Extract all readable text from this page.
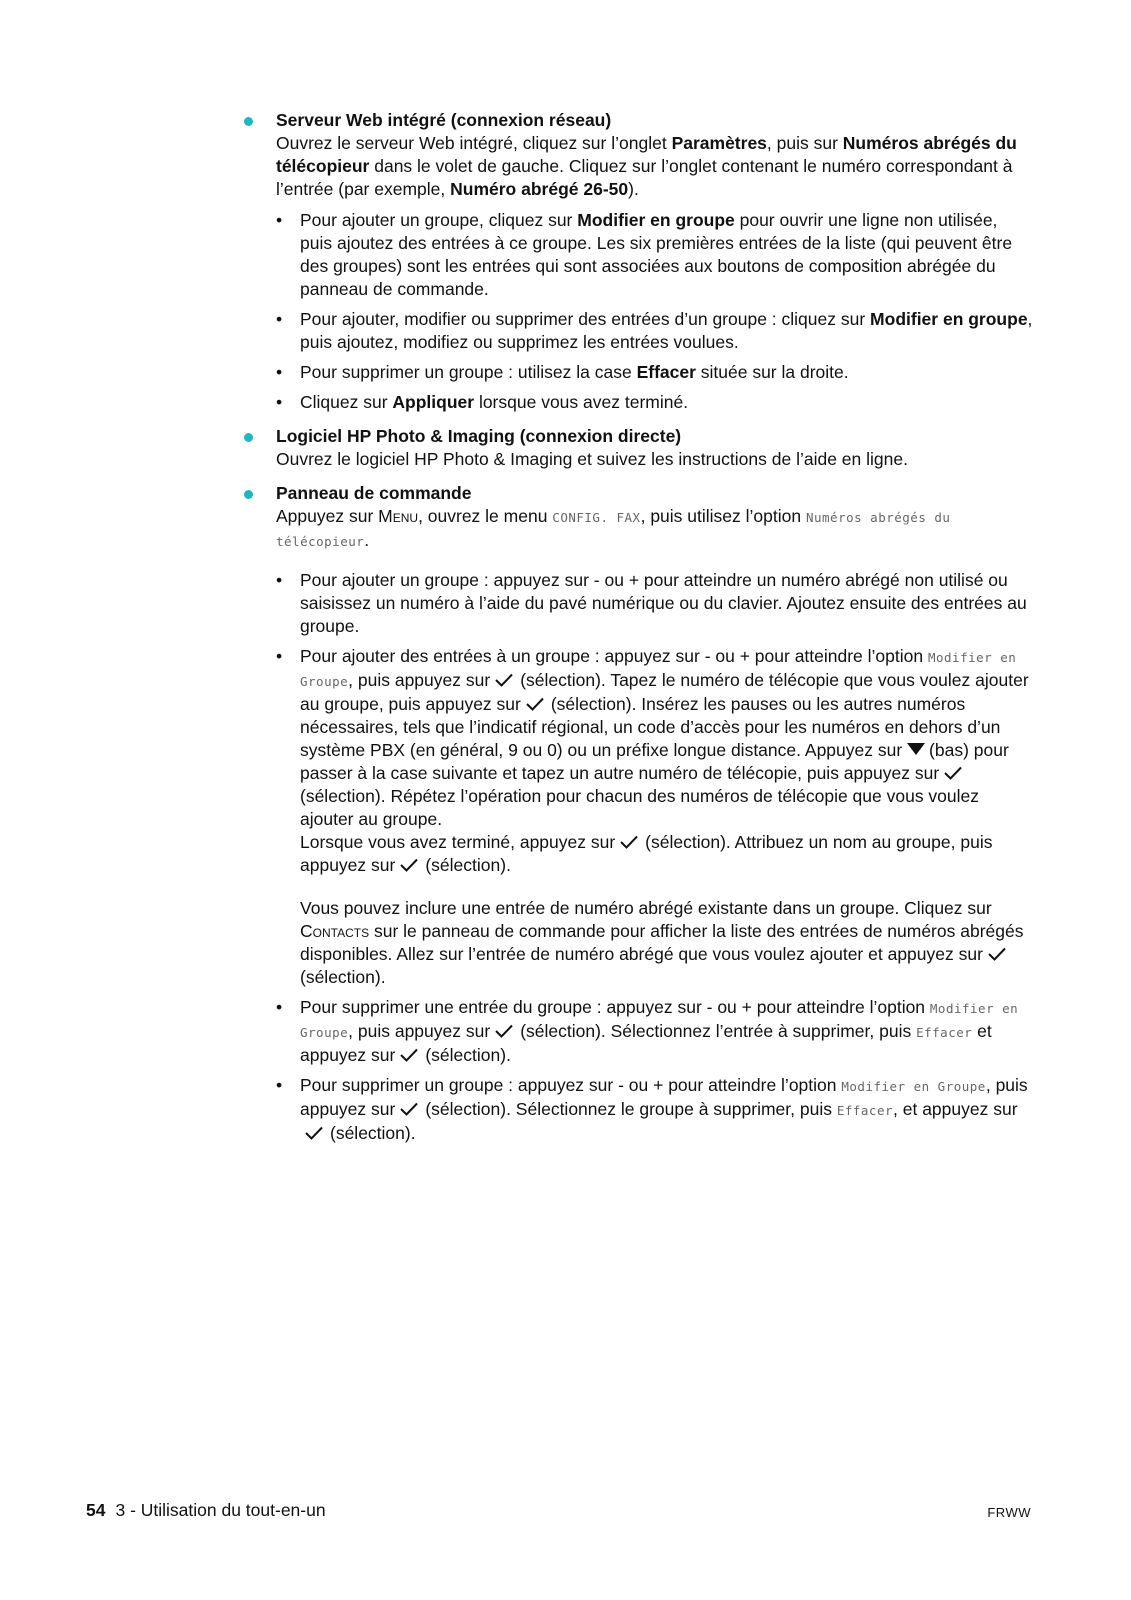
Serveur Web intégré (connexion réseau)
Ouvrez le serveur Web intégré, cliquez sur l’onglet Paramètres, puis sur Numéros abrégés du télécopieur dans le volet de gauche. Cliquez sur l’onglet contenant le numéro correspondant à l’entrée (par exemple, Numéro abrégé 26-50).
• Pour ajouter un groupe, cliquez sur Modifier en groupe pour ouvrir une ligne non utilisée, puis ajoutez des entrées à ce groupe. Les six premières entrées de la liste (qui peuvent être des groupes) sont les entrées qui sont associées aux boutons de composition abrégée du panneau de commande.
• Pour ajouter, modifier ou supprimer des entrées d’un groupe : cliquez sur Modifier en groupe, puis ajoutez, modifiez ou supprimez les entrées voulues.
• Pour supprimer un groupe : utilisez la case Effacer située sur la droite.
• Cliquez sur Appliquer lorsque vous avez terminé.
Logiciel HP Photo & Imaging (connexion directe)
Ouvrez le logiciel HP Photo & Imaging et suivez les instructions de l’aide en ligne.
Panneau de commande
Appuyez sur Menu, ouvrez le menu CONFIG. FAX, puis utilisez l’option Numéros abrégés du télécopieur.
• Pour ajouter un groupe : appuyez sur - ou + pour atteindre un numéro abrégé non utilisé ou saisissez un numéro à l’aide du pavé numérique ou du clavier. Ajoutez ensuite des entrées au groupe.
• Pour ajouter des entrées à un groupe : appuyez sur - ou + pour atteindre l’option Modifier en Groupe, puis appuyez sur (sélection). Tapez le numéro de télécopie que vous voulez ajouter au groupe, puis appuyez sur (sélection). Insérez les pauses ou les autres numéros nécessaires, tels que l’indicatif régional, un code d’accès pour les numéros en dehors d’un système PBX (en général, 9 ou 0) ou un préfixe longue distance. Appuyez sur (bas) pour passer à la case suivante et tapez un autre numéro de télécopie, puis appuyez sur(sélection). Répétez l’opération pour chacun des numéros de télécopie que vous voulez ajouter au groupe.
Lorsque vous avez terminé, appuyez sur (sélection). Attribuez un nom au groupe, puis appuyez sur (sélection).
Vous pouvez inclure une entrée de numéro abrégé existante dans un groupe. Cliquez sur Contacts sur le panneau de commande pour afficher la liste des entrées de numéros abrégés disponibles. Allez sur l’entrée de numéro abrégé que vous voulez ajouter et appuyez sur(sélection).
• Pour supprimer une entrée du groupe : appuyez sur - ou + pour atteindre l’option Modifier en Groupe, puis appuyez sur (sélection). Sélectionnez l’entrée à supprimer, puis Effacer et appuyez sur (sélection).
• Pour supprimer un groupe : appuyez sur - ou + pour atteindre l’option Modifier en Groupe, puis appuyez sur (sélection). Sélectionnez le groupe à supprimer, puis Effacer, et appuyez sur(sélection).
54 3 - Utilisation du tout-en-un	FRWW
